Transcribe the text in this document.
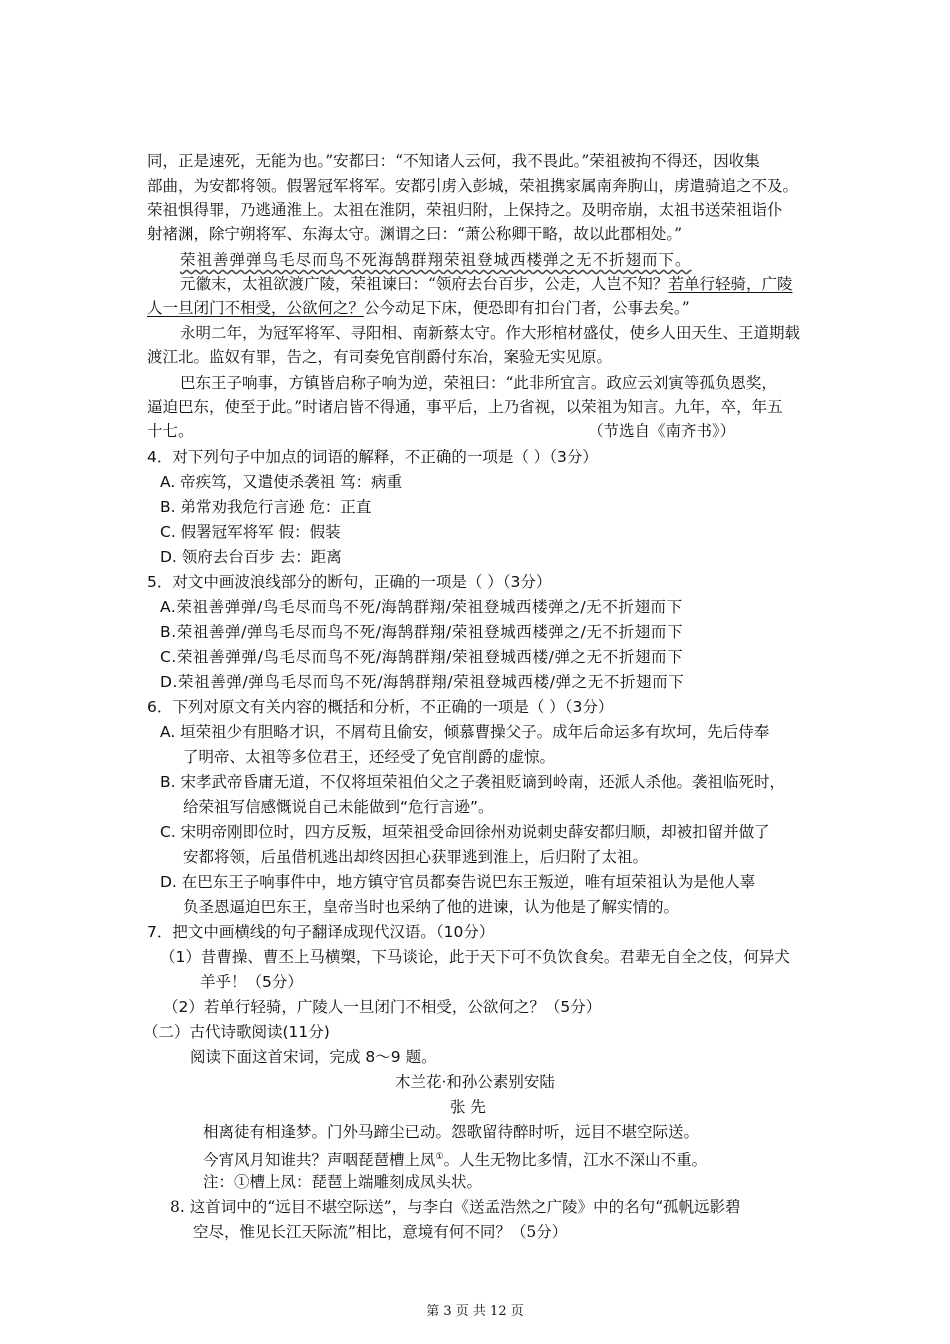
同，正是速死，无能为也。”安都曰：“不知诸人云何，我不畏此。”荣祖被拘不得还，因收集
部曲，为安都将领。假署冠军将军。安都引虏入彭城，荣祖携家属南奔朐山，虏遣骑追之不及。
荣祖惧得罪，乃逃通淮上。太祖在淮阴，荣祖归附，上保持之。及明帝崩，太祖书送荣祖诣仆
射褚渊，除宁朔将军、东海太守。渊谓之曰：“萧公称卿干略，故以此郡相处。”
荣祖善弹弹鸟毛尽而鸟不死海鹄群翔荣祖登城西楼弹之无不折翅而下。
元徽末，太祖欲渡广陵，荣祖谏曰：“领府去台百步，公走，人岂不知？若单行轻骑，广陵
人一旦闭门不相受，公欲何之？公今动足下床，便恐即有扣台门者，公事去矣。”
永明二年，为冠军将军、寻阳相、南新蔡太守。作大形棺材盛仗，使乡人田天生、王道期载
渡江北。监奴有罪，告之，有司奏免官削爵付东冶，案验无实见原。
巴东王子响事，方镇皆启称子响为逆，荣祖曰：“此非所宜言。政应云刘寅等孤负恩奖，
逼迫巴东，使至于此。”时诸启皆不得通，事平后，上乃省视，以荣祖为知言。九年，卒，年五
十七。	（节选自《南齐书》）
4．对下列句子中加点的词语的解释，不正确的一项是（ ）（3分）
A. 帝疾笃，又遣使杀袭祖 笃：病重
B. 弟常劝我危行言逊 危：正直
C. 假署冠军将军 假：假装
D. 领府去台百步 去：距离
5．对文中画波浪线部分的断句，正确的一项是（ ）（3分）
A.荣祖善弹弹/鸟毛尽而鸟不死/海鹄群翔/荣祖登城西楼弹之/无不折翅而下
B.荣祖善弹/弹鸟毛尽而鸟不死/海鹄群翔/荣祖登城西楼弹之/无不折翅而下
C.荣祖善弹弹/鸟毛尽而鸟不死/海鹄群翔/荣祖登城西楼/弹之无不折翅而下
D.荣祖善弹/弹鸟毛尽而鸟不死/海鹄群翔/荣祖登城西楼/弹之无不折翅而下
6．下列对原文有关内容的概括和分析，不正确的一项是（ ）（3分）
A. 垣荣祖少有胆略才识，不屑苟且偷安，倾慕曹操父子。成年后命运多有坎坷，先后侍奉
了明帝、太祖等多位君王，还经受了免官削爵的虚惊。
B. 宋孝武帝昏庸无道，不仅将垣荣祖伯父之子袭祖贬谪到岭南，还派人杀他。袭祖临死时，
给荣祖写信感慨说自己未能做到“危行言逊”。
C. 宋明帝刚即位时，四方反叛，垣荣祖受命回徐州劝说刺史薛安都归顺，却被扣留并做了
安都将领，后虽借机逃出却终因担心获罪逃到淮上，后归附了太祖。
D. 在巴东王子响事件中，地方镇守官员都奏告说巴东王叛逆，唯有垣荣祖认为是他人辜
负圣恩逼迫巴东王，皇帝当时也采纳了他的进谏，认为他是了解实情的。
7．把文中画横线的句子翻译成现代汉语。（10分）
（1）昔曹操、曹丕上马横槊，下马谈论，此于天下可不负饮食矣。君辈无自全之伎，何异犬
羊乎！（5分）
（2）若单行轻骑，广陵人一旦闭门不相受，公欲何之？（5分）
（二）古代诗歌阅读(11分)
阅读下面这首宋词，完成 8～9 题。
木兰花·和孙公素别安陆
张 先
相离徒有相逢梦。门外马蹄尘已动。怨歌留待醉时听，远目不堪空际送。
今宵风月知谁共？声咽琵琶槽上凤①。人生无物比多情，江水不深山不重。
注：①槽上凤：琵琶上端雕刻成凤头状。
8. 这首词中的“远目不堪空际送”，与李白《送孟浩然之广陵》中的名句“孤帆远影碧
空尽，惟见长江天际流”相比，意境有何不同？（5分）
第 3 页 共 12 页
